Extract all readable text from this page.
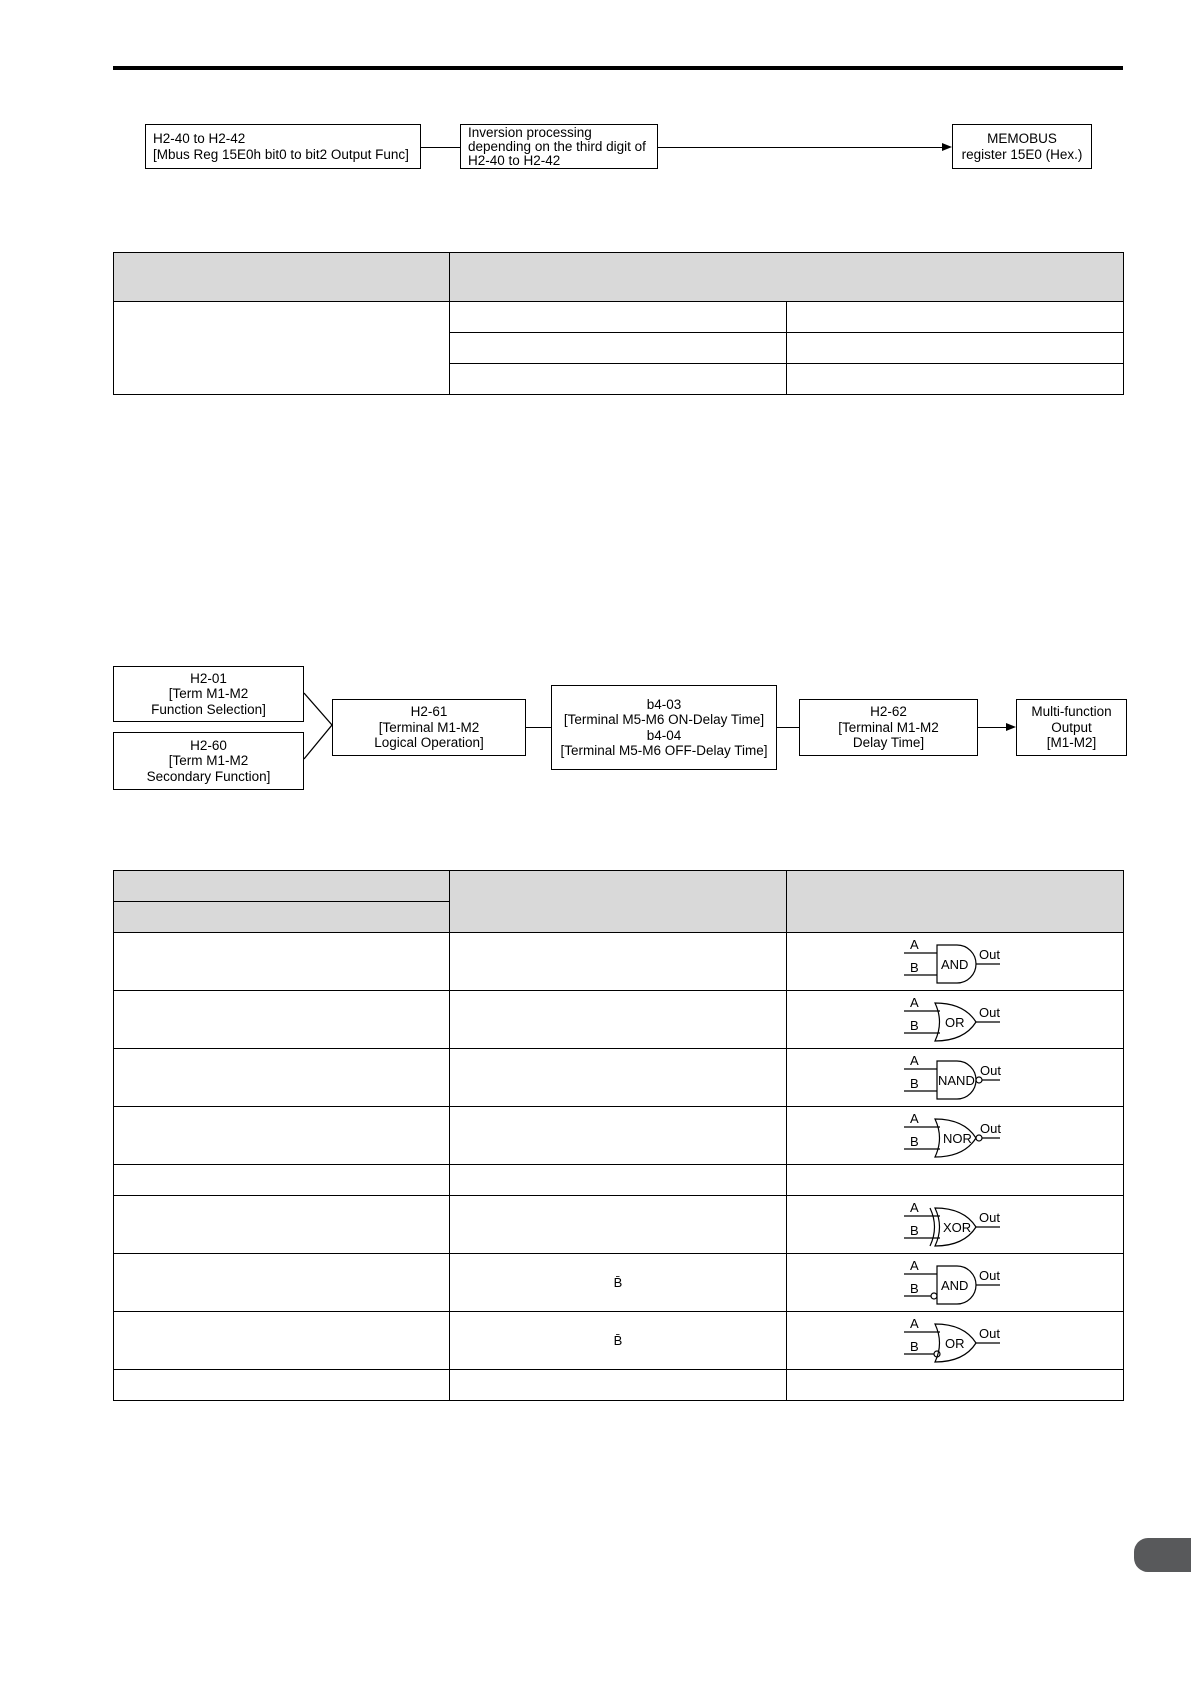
H2-40 to H2-42
[Mbus Reg 15E0h bit0 to bit2 Output Func]
Inversion processing
depending on the third digit of
H2-40 to H2-42
MEMOBUS
register 15E0 (Hex.)

H2-01
[Term M1-M2
Function Selection]
H2-60
[Term M1-M2
Secondary Function]
H2-61
[Terminal M1-M2
Logical Operation]
b4-03
[Terminal M5-M6 ON-Delay Time]
b4-04
[Terminal M5-M6 OFF-Delay Time]
H2-62
[Terminal M1-M2
Delay Time]
Multi-function
Output
[M1-M2]

A
B AND
Out

A
B OR
Out

A
B NAND
Out

A
B NOR
Out

A
B XOR
Out

	B̄	A
B AND
Out

	B̄	A
B OR
Out
